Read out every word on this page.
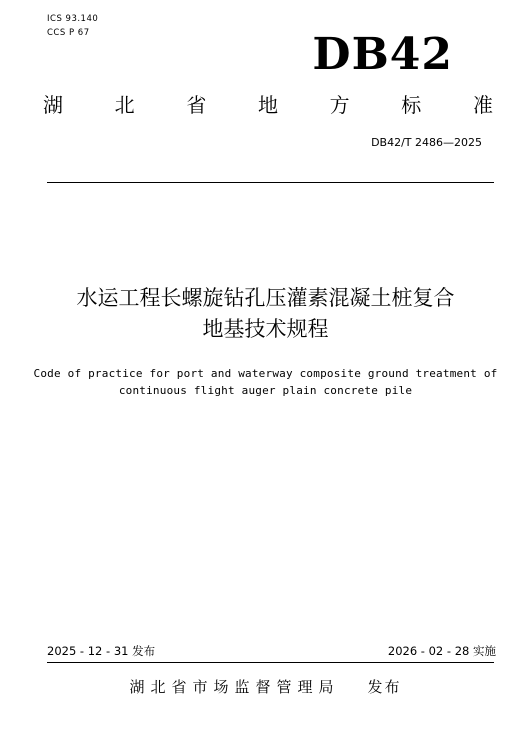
ICS 93.140
CCS P 67	DB42
湖	北	省	地	方	标	准
DB42/T 2486—2025
水运工程长螺旋钻孔压灌素混凝土桩复合
地基技术规程
Code of practice for port and waterway composite ground treatment of
continuous flight auger plain concrete pile
2025 - 12 - 31 发布	2026 - 02 - 28 实施
湖北省市场监督管理局 发布
